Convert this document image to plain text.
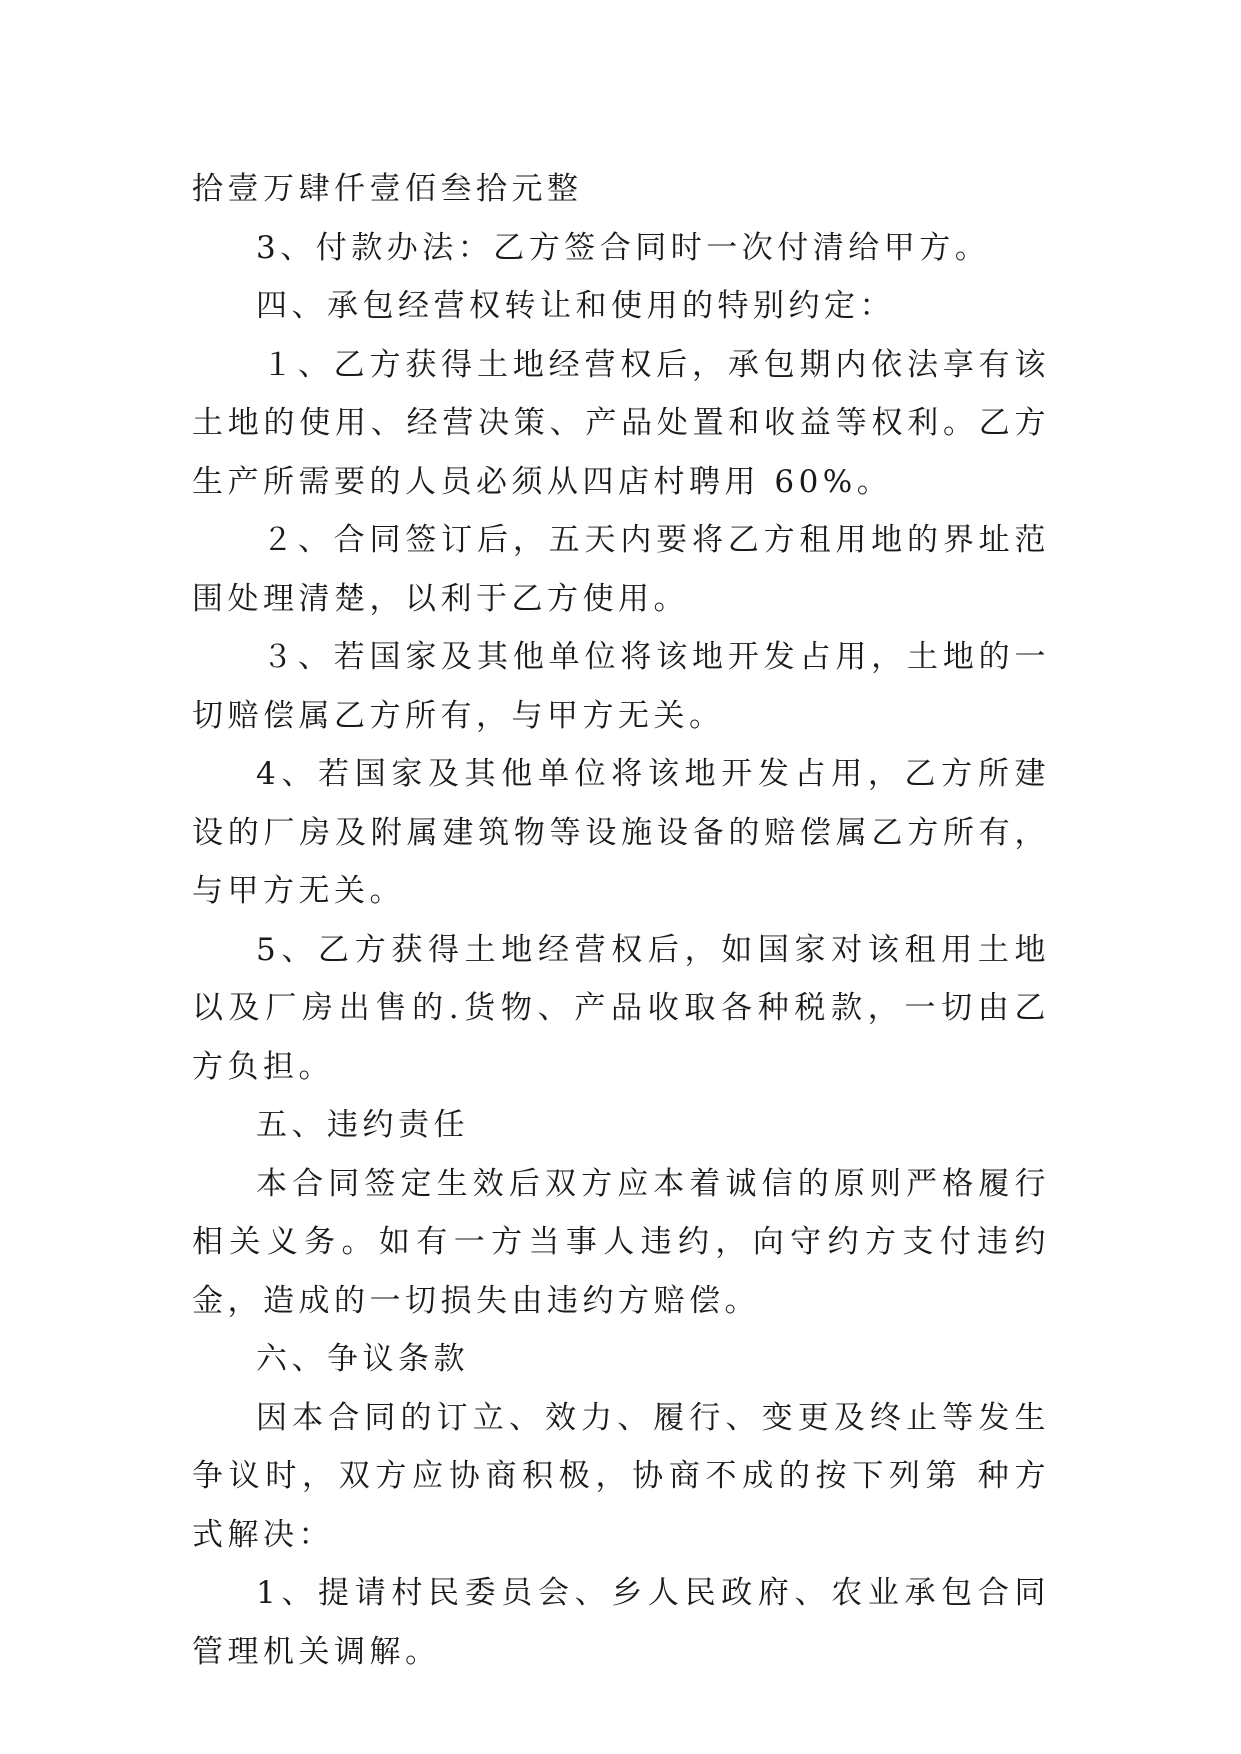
拾壹万肆仟壹佰叁拾元整

3、付款办法：乙方签合同时一次付清给甲方。

四、承包经营权转让和使用的特别约定：

１、乙方获得土地经营权后，承包期内依法享有该土地的使用、经营决策、产品处置和收益等权利。乙方生产所需要的人员必须从四店村聘用 60%。

２、合同签订后，五天内要将乙方租用地的界址范围处理清楚，以利于乙方使用。

３、若国家及其他单位将该地开发占用，土地的一切赔偿属乙方所有，与甲方无关。

4、若国家及其他单位将该地开发占用，乙方所建设的厂房及附属建筑物等设施设备的赔偿属乙方所有，与甲方无关。

5、乙方获得土地经营权后，如国家对该租用土地以及厂房出售的.货物、产品收取各种税款，一切由乙方负担。

五、违约责任

本合同签定生效后双方应本着诚信的原则严格履行相关义务。如有一方当事人违约，向守约方支付违约金，造成的一切损失由违约方赔偿。

六、争议条款

因本合同的订立、效力、履行、变更及终止等发生争议时，双方应协商积极，协商不成的按下列第 种方式解决：

1、提请村民委员会、乡人民政府、农业承包合同管理机关调解。
